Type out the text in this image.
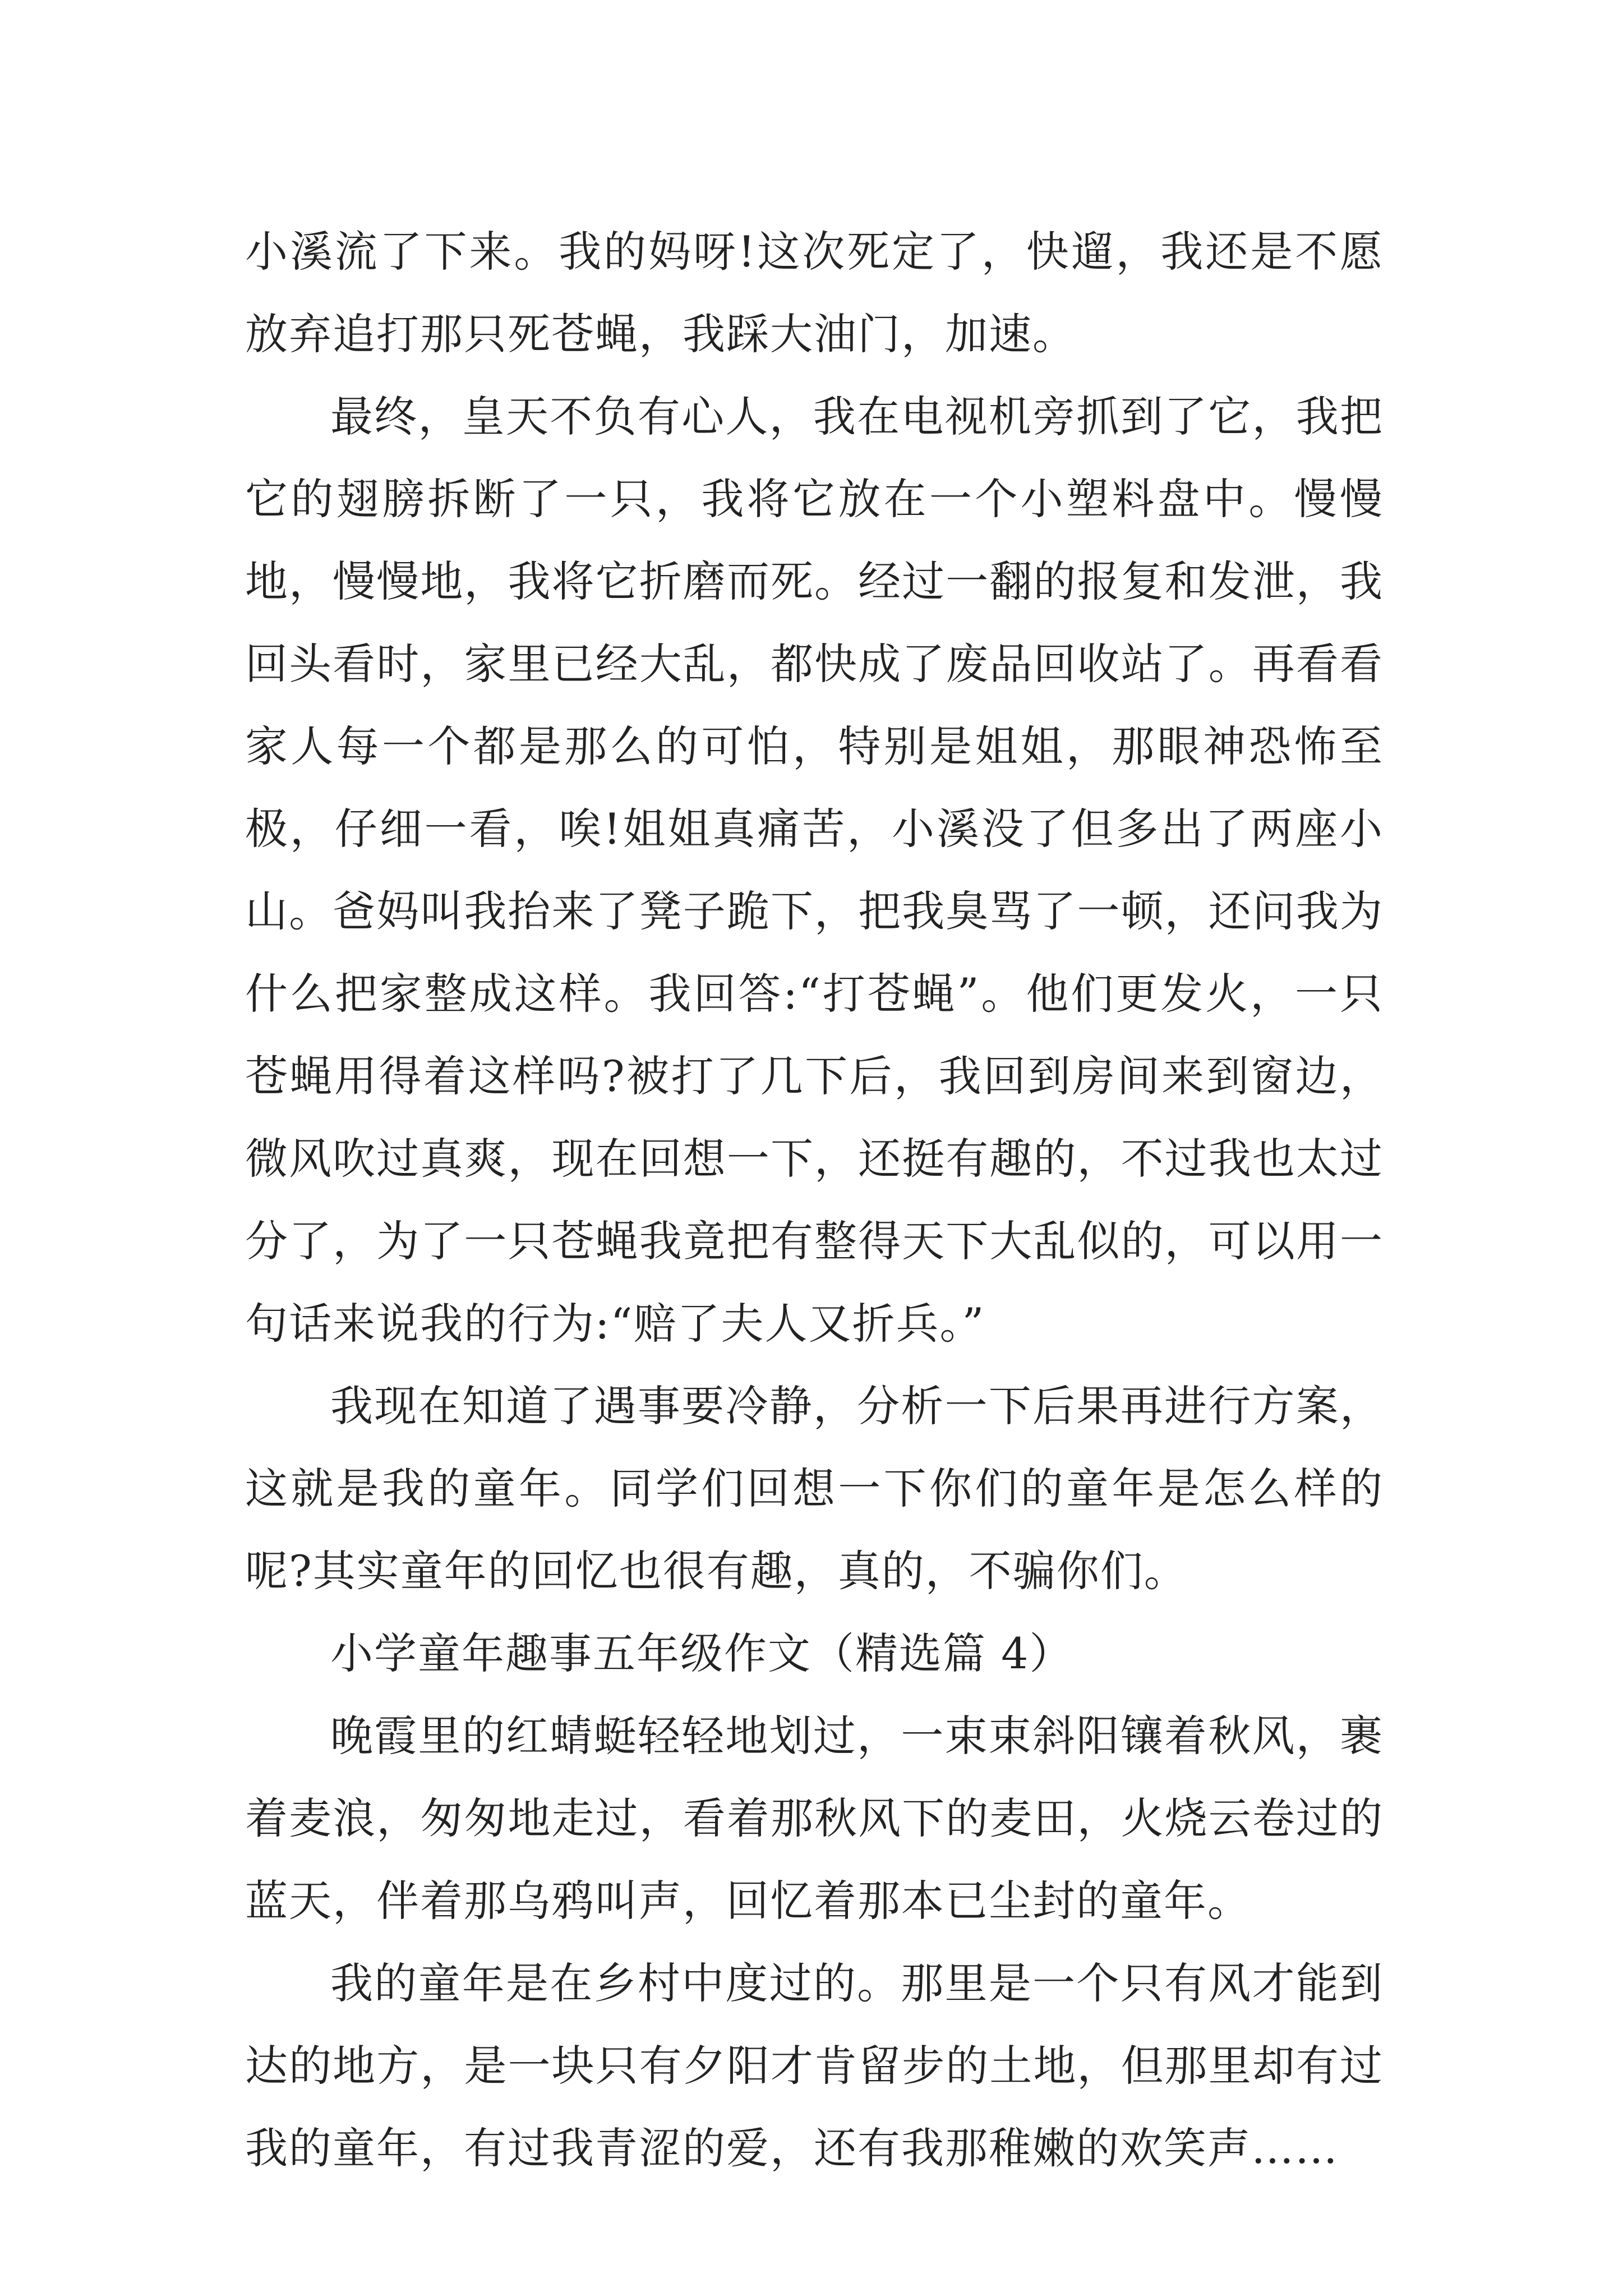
小溪流了下来。我的妈呀!这次死定了，快遛，我还是不愿放弃追打那只死苍蝇，我踩大油门，加速。

最终，皇天不负有心人，我在电视机旁抓到了它，我把它的翅膀拆断了一只，我将它放在一个小塑料盘中。慢慢地，慢慢地，我将它折磨而死。经过一翻的报复和发泄，我回头看时，家里已经大乱，都快成了废品回收站了。再看看家人每一个都是那么的可怕，特别是姐姐，那眼神恐怖至极，仔细一看，唉!姐姐真痛苦，小溪没了但多出了两座小山。爸妈叫我抬来了凳子跪下，把我臭骂了一顿，还问我为什么把家整成这样。我回答:“打苍蝇”。他们更发火，一只苍蝇用得着这样吗?被打了几下后，我回到房间来到窗边，微风吹过真爽，现在回想一下，还挺有趣的，不过我也太过分了，为了一只苍蝇我竟把有整得天下大乱似的，可以用一句话来说我的行为:“赔了夫人又折兵。”

我现在知道了遇事要冷静，分析一下后果再进行方案，这就是我的童年。同学们回想一下你们的童年是怎么样的呢?其实童年的回忆也很有趣，真的，不骗你们。

小学童年趣事五年级作文（精选篇 4）

晚霞里的红蜻蜓轻轻地划过，一束束斜阳镶着秋风，裹着麦浪，匆匆地走过，看着那秋风下的麦田，火烧云卷过的蓝天，伴着那乌鸦叫声，回忆着那本已尘封的童年。

我的童年是在乡村中度过的。那里是一个只有风才能到达的地方，是一块只有夕阳才肯留步的土地，但那里却有过我的童年，有过我青涩的爱，还有我那稚嫩的欢笑声……
